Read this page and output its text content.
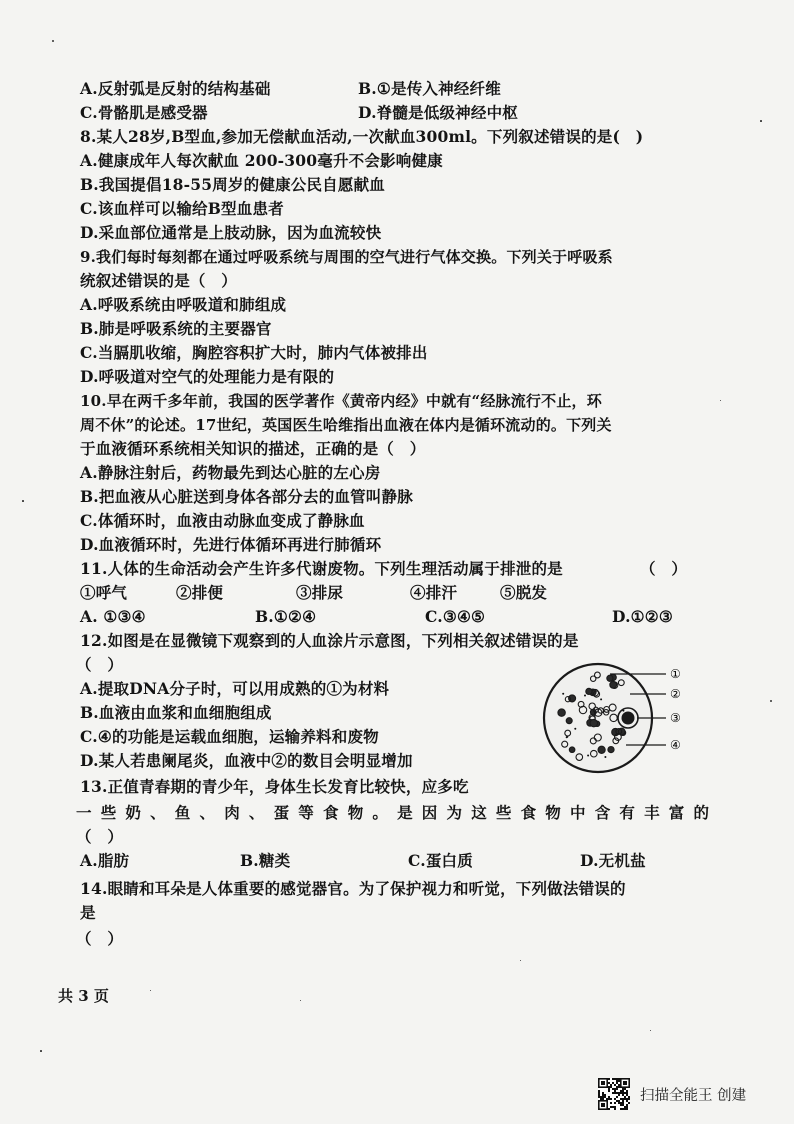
A.反射弧是反射的结构基础	B.①是传入神经纤维
C.骨骼肌是感受器	D.脊髓是低级神经中枢
8.某人28岁,B型血,参加无偿献血活动,一次献血300ml。下列叙述错误的是(　)
A.健康成年人每次献血 200-300毫升不会影响健康
B.我国提倡18-55周岁的健康公民自愿献血
C.该血样可以输给B型血患者
D.采血部位通常是上肢动脉，因为血流较快
9.我们每时每刻都在通过呼吸系统与周围的空气进行气体交换。下列关于呼吸系
统叙述错误的是（　）
A.呼吸系统由呼吸道和肺组成
B.肺是呼吸系统的主要器官
C.当膈肌收缩，胸腔容积扩大时，肺内气体被排出
D.呼吸道对空气的处理能力是有限的
10.早在两千多年前，我国的医学著作《黄帝内经》中就有“经脉流行不止，环
周不休”的论述。17世纪，英国医生哈维指出血液在体内是循环流动的。下列关
于血液循环系统相关知识的描述，正确的是（　）
A.静脉注射后，药物最先到达心脏的左心房
B.把血液从心脏送到身体各部分去的血管叫静脉
C.体循环时，血液由动脉血变成了静脉血
D.血液循环时，先进行体循环再进行肺循环
11.人体的生命活动会产生许多代谢废物。下列生理活动属于排泄的是	（　）
①呼气	②排便	③排尿	④排汗	⑤脱发
A. ①③④	B.①②④	C.③④⑤	D.①②③
12.如图是在显微镜下观察到的人血涂片示意图，下列相关叙述错误的是
（　）
A.提取DNA分子时，可以用成熟的①为材料
B.血液由血浆和血细胞组成
C.④的功能是运载血细胞，运输养料和废物
D.某人若患阑尾炎，血液中②的数目会明显增加
①
②
③
④
13.正值青春期的青少年，身体生长发育比较快，应多吃
一些奶、鱼、肉、蛋等食物。是因为这些食物中含有丰富的
（　）
A.脂肪	B.糖类	C.蛋白质	D.无机盐
14.眼睛和耳朵是人体重要的感觉器官。为了保护视力和听觉，下列做法错误的
是
（　）
共 3 页
扫描全能王 创建
